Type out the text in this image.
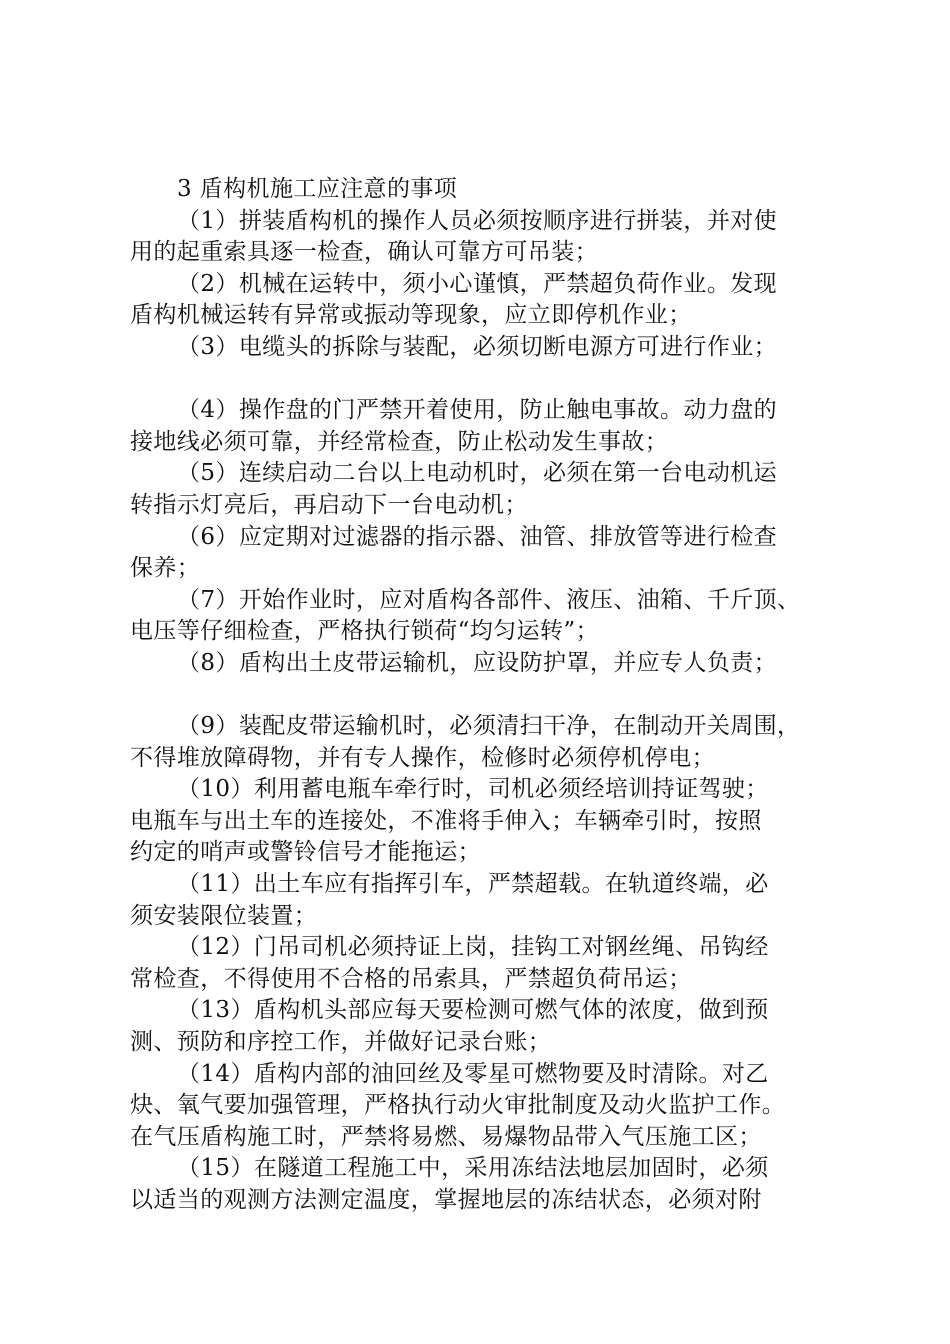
3 盾构机施工应注意的事项
（1）拼装盾构机的操作人员必须按顺序进行拼装，并对使
用的起重索具逐一检查，确认可靠方可吊装；
（2）机械在运转中，须小心谨慎，严禁超负荷作业。发现
盾构机械运转有异常或振动等现象，应立即停机作业；
（3）电缆头的拆除与装配，必须切断电源方可进行作业；
（4）操作盘的门严禁开着使用，防止触电事故。动力盘的
接地线必须可靠，并经常检查，防止松动发生事故；
（5）连续启动二台以上电动机时，必须在第一台电动机运
转指示灯亮后，再启动下一台电动机；
（6）应定期对过滤器的指示器、油管、排放管等进行检查
保养；
（7）开始作业时，应对盾构各部件、液压、油箱、千斤顶、
电压等仔细检查，严格执行锁荷“均匀运转”；
（8）盾构出土皮带运输机，应设防护罩，并应专人负责；
（9）装配皮带运输机时，必须清扫干净，在制动开关周围，
不得堆放障碍物，并有专人操作，检修时必须停机停电；
（10）利用蓄电瓶车牵行时，司机必须经培训持证驾驶；
电瓶车与出土车的连接处，不准将手伸入；车辆牵引时，按照
约定的哨声或警铃信号才能拖运；
（11）出土车应有指挥引车，严禁超载。在轨道终端，必
须安装限位装置；
（12）门吊司机必须持证上岗，挂钩工对钢丝绳、吊钩经
常检查，不得使用不合格的吊索具，严禁超负荷吊运；
（13）盾构机头部应每天要检测可燃气体的浓度，做到预
测、预防和序控工作，并做好记录台账；
（14）盾构内部的油回丝及零星可燃物要及时清除。对乙
炔、氧气要加强管理，严格执行动火审批制度及动火监护工作。
在气压盾构施工时，严禁将易燃、易爆物品带入气压施工区；
（15）在隧道工程施工中，采用冻结法地层加固时，必须
以适当的观测方法测定温度，掌握地层的冻结状态，必须对附
